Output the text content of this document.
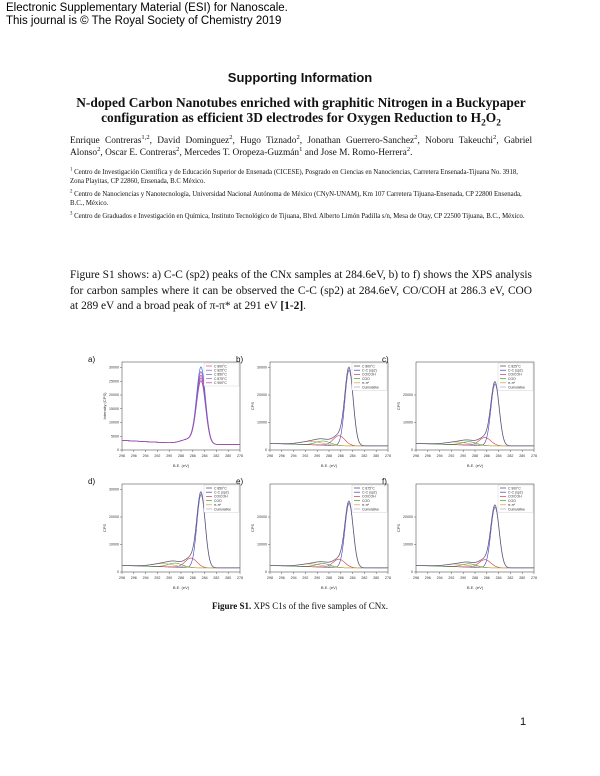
Electronic Supplementary Material (ESI) for Nanoscale.
This journal is © The Royal Society of Chemistry 2019
Supporting Information
N-doped Carbon Nanotubes enriched with graphitic Nitrogen in a Buckypaper configuration as efficient 3D electrodes for Oxygen Reduction to $H_2O_2$
Enrique Contreras$^{1,2}$, David Dominguez$^2$, Hugo Tiznado$^2$, Jonathan Guerrero-Sanchez$^2$, Noboru Takeuchi$^2$, Gabriel Alonso$^2$, Oscar E. Contreras$^2$, Mercedes T. Oropeza-Guzmán$^1$ and Jose M. Romo-Herrera$^2$.

$^1$ Centro de Investigación Científica y de Educación Superior de Ensenada (CICESE), Posgrado en Ciencias en Nanociencias, Carretera Ensenada-Tijuana No. 3918, Zona Playitas, CP 22860, Ensenada, B.C México.

$^2$ Centro de Nanociencias y Nanotecnología, Universidad Nacional Autónoma de México (CNyN-UNAM), Km 107 Carretera Tijuana-Ensenada, CP 22800 Ensenada, B.C., México.

$^3$ Centro de Graduados e Investigación en Química, Instituto Tecnológico de Tijuana, Blvd. Alberto Limón Padilla s/n, Mesa de Otay, CP 22500 Tijuana, B.C., México.

Figure S1 shows: a) C-C (sp2) peaks of the CNx samples at 284.6eV, b) to f) shows the XPS analysis for carbon samples where it can be observed the C-C (sp2) at 284.6eV, CO/COH at 286.3 eV, COO at 289 eV and a broad peak of π-π* at 291 eV [1-2].
a)
298 296 294 292 290 288 286 284 282 280 278
0
5000
10000
15000
20000
25000
30000
B.E. (eV)
Intensity (CPS)
C 800°C
C 825°C
C 850°C
C 875°C
C 900°C
b)
298 296 294 292 290 288 286 284 282 280 278
0
10000
20000
30000
B.E. (eV)
CPS
C 800°C
C-C (sp2)
CO/COH
COO
π-π*
Cumulative
c)
298 296 294 292 290 288 286 284 282 280 278
0
10000
20000
B.E. (eV)
CPS
C 825°C
C-C (sp2)
CO/COH
COO
π-π*
Cumulative
d)
298 296 294 292 290 288 286 284 282 280 278
0
10000
20000
30000
B.E. (eV)
CPS
C 850°C
C-C (sp2)
CO/COH
COO
π-π*
Cumulative
e)
298 296 294 292 290 288 286 284 282 280 278
0
10000
20000
B.E. (eV)
CPS
C 875°C
C-C (sp2)
CO/COH
COO
π-π*
Cumulative
f)
298 296 294 292 290 288 286 284 282 280 278
0
10000
20000
B.E. (eV)
CPS
C 900°C
C-C (sp2)
CO/COH
COO
π-π*
Cumulative
Figure S1. XPS C1s of the five samples of CNx.
1
